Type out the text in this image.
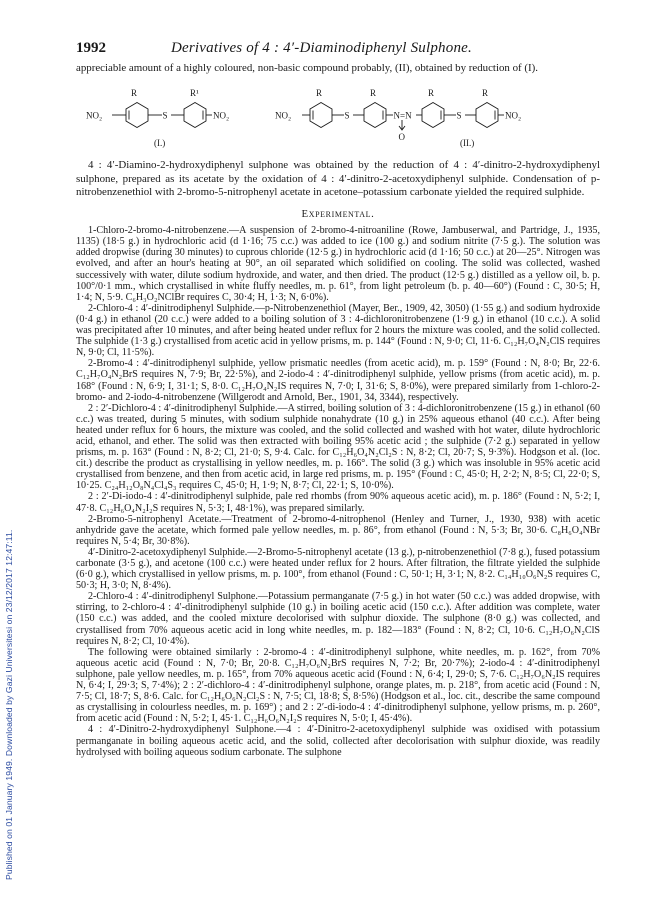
Published on 01 January 1949. Downloaded by Gazi Universitesi on 23/12/2017 12:47:11.
1992	Derivatives of 4 : 4′-Diaminodiphenyl Sulphone.

appreciable amount of a highly coloured, non-basic compound probably, (II), obtained by reduction of (I).

R	R¹
NO₂	S	NO₂
(I.)
R	R	R	R
NO₂	S	N=N
O
S	NO₂
(II.)

4 : 4′-Diamino-2-hydroxydiphenyl sulphone was obtained by the reduction of 4 : 4′-dinitro-2-hydroxydiphenyl sulphone, prepared as its acetate by the oxidation of 4 : 4′-dinitro-2-acetoxydiphenyl sulphide. Condensation of p-nitrobenzenethiol with 2-bromo-5-nitrophenyl acetate in acetone–potassium carbonate yielded the required sulphide.

Experimental.

1-Chloro-2-bromo-4-nitrobenzene.—A suspension of 2-bromo-4-nitroaniline (Rowe, Jambuserwal, and Partridge, J., 1935, 1135) (18·5 g.) in hydrochloric acid (d 1·16; 75 c.c.) was added to ice (100 g.) and sodium nitrite (7·5 g.). The solution was added dropwise (during 30 minutes) to cuprous chloride (12·5 g.) in hydrochloric acid (d 1·16; 50 c.c.) at 20—25°. Nitrogen was evolved, and after an hour's heating at 90°, an oil separated which solidified on cooling. The solid was collected, washed successively with water, dilute sodium hydroxide, and water, and then dried. The product (12·5 g.) distilled as a yellow oil, b. p. 100°/0·1 mm., which crystallised in white fluffy needles, m. p. 61°, from light petroleum (b. p. 40—60°) (Found : C, 30·5; H, 1·4; N, 5·9. C₆H₃O₂NClBr requires C, 30·4; H, 1·3; N, 6·0%).

2-Chloro-4 : 4′-dinitrodiphenyl Sulphide.—p-Nitrobenzenethiol (Mayer, Ber., 1909, 42, 3050) (1·55 g.) and sodium hydroxide (0·4 g.) in ethanol (20 c.c.) were added to a boiling solution of 3 : 4-dichloronitrobenzene (1·9 g.) in ethanol (10 c.c.). A solid was precipitated after 10 minutes, and after being heated under reflux for 2 hours the mixture was cooled, and the solid collected. The sulphide (1·3 g.) crystallised from acetic acid in yellow prisms, m. p. 144° (Found : N, 9·0; Cl, 11·6. C₁₂H₇O₄N₂ClS requires N, 9·0; Cl, 11·5%).

2-Bromo-4 : 4′-dinitrodiphenyl sulphide, yellow prismatic needles (from acetic acid), m. p. 159° (Found : N, 8·0; Br, 22·6. C₁₂H₇O₄N₂BrS requires N, 7·9; Br, 22·5%), and 2-iodo-4 : 4′-dinitrodiphenyl sulphide, yellow prisms (from acetic acid), m. p. 168° (Found : N, 6·9; I, 31·1; S, 8·0. C₁₂H₇O₄N₂IS requires N, 7·0; I, 31·6; S, 8·0%), were prepared similarly from 1-chloro-2-bromo- and 2-iodo-4-nitrobenzene (Willgerodt and Arnold, Ber., 1901, 34, 3344), respectively.

2 : 2′-Dichloro-4 : 4′-dinitrodiphenyl Sulphide.—A stirred, boiling solution of 3 : 4-dichloronitrobenzene (15 g.) in ethanol (60 c.c.) was treated, during 5 minutes, with sodium sulphide nonahydrate (10 g.) in 25% aqueous ethanol (40 c.c.). After being heated under reflux for 6 hours, the mixture was cooled, and the solid collected and washed with hot water, dilute hydrochloric acid, ethanol, and ether. The solid was then extracted with boiling 95% acetic acid ; the sulphide (7·2 g.) separated in yellow prisms, m. p. 163° (Found : N, 8·2; Cl, 21·0; S, 9·4. Calc. for C₁₂H₆O₄N₂Cl₂S : N, 8·2; Cl, 20·7; S, 9·3%). Hodgson et al. (loc. cit.) describe the product as crystallising in yellow needles, m. p. 166°. The solid (3 g.) which was insoluble in 95% acetic acid crystallised from benzene, and then from acetic acid, in large red prisms, m. p. 195° (Found : C, 45·0; H, 2·2; N, 8·5; Cl, 22·0; S, 10·25. C₂₄H₁₂O₈N₄Cl₄S₃ requires C, 45·0; H, 1·9; N, 8·7; Cl, 22·1; S, 10·0%).

2 : 2′-Di-iodo-4 : 4′-dinitrodiphenyl sulphide, pale red rhombs (from 90% aqueous acetic acid), m. p. 186° (Found : N, 5·2; I, 47·8. C₁₂H₆O₄N₂I₂S requires N, 5·3; I, 48·1%), was prepared similarly.

2-Bromo-5-nitrophenyl Acetate.—Treatment of 2-bromo-4-nitrophenol (Henley and Turner, J., 1930, 938) with acetic anhydride gave the acetate, which formed pale yellow needles, m. p. 86°, from ethanol (Found : N, 5·3; Br, 30·6. C₈H₆O₄NBr requires N, 5·4; Br, 30·8%).

4′-Dinitro-2-acetoxydiphenyl Sulphide.—2-Bromo-5-nitrophenyl acetate (13 g.), p-nitrobenzenethiol (7·8 g.), fused potassium carbonate (3·5 g.), and acetone (100 c.c.) were heated under reflux for 2 hours. After filtration, the filtrate yielded the sulphide (6·0 g.), which crystallised in yellow prisms, m. p. 100°, from ethanol (Found : C, 50·1; H, 3·1; N, 8·2. C₁₄H₁₀O₆N₂S requires C, 50·3; H, 3·0; N, 8·4%).

2-Chloro-4 : 4′-dinitrodiphenyl Sulphone.—Potassium permanganate (7·5 g.) in hot water (50 c.c.) was added dropwise, with stirring, to 2-chloro-4 : 4′-dinitrodiphenyl sulphide (10 g.) in boiling acetic acid (150 c.c.). After addition was complete, water (150 c.c.) was added, and the cooled mixture decolorised with sulphur dioxide. The sulphone (8·0 g.) was collected, and crystallised from 70% aqueous acetic acid in long white needles, m. p. 182—183° (Found : N, 8·2; Cl, 10·6. C₁₂H₇O₆N₂ClS requires N, 8·2; Cl, 10·4%).

The following were obtained similarly : 2-bromo-4 : 4′-dinitrodiphenyl sulphone, white needles, m. p. 162°, from 70% aqueous acetic acid (Found : N, 7·0; Br, 20·8. C₁₂H₇O₆N₂BrS requires N, 7·2; Br, 20·7%); 2-iodo-4 : 4′-dinitrodiphenyl sulphone, pale yellow needles, m. p. 165°, from 70% aqueous acetic acid (Found : N, 6·4; I, 29·0; S, 7·6. C₁₂H₇O₆N₂IS requires N, 6·4; I, 29·3; S, 7·4%); 2 : 2′-dichloro-4 : 4′-dinitrodiphenyl sulphone, orange plates, m. p. 218°, from acetic acid (Found : N, 7·5; Cl, 18·7; S, 8·6. Calc. for C₁₂H₆O₆N₂Cl₂S : N, 7·5; Cl, 18·8; S, 8·5%) (Hodgson et al., loc. cit., describe the same compound as crystallising in colourless needles, m. p. 169°) ; and 2 : 2′-di-iodo-4 : 4′-dinitrodiphenyl sulphone, yellow prisms, m. p. 260°, from acetic acid (Found : N, 5·2; I, 45·1. C₁₂H₆O₆N₂I₂S requires N, 5·0; I, 45·4%).

4 : 4′-Dinitro-2-hydroxydiphenyl Sulphone.—4 : 4′-Dinitro-2-acetoxydiphenyl sulphide was oxidised with potassium permanganate in boiling aqueous acetic acid, and the solid, collected after decolorisation with sulphur dioxide, was readily hydrolysed with boiling aqueous sodium carbonate. The sulphone
